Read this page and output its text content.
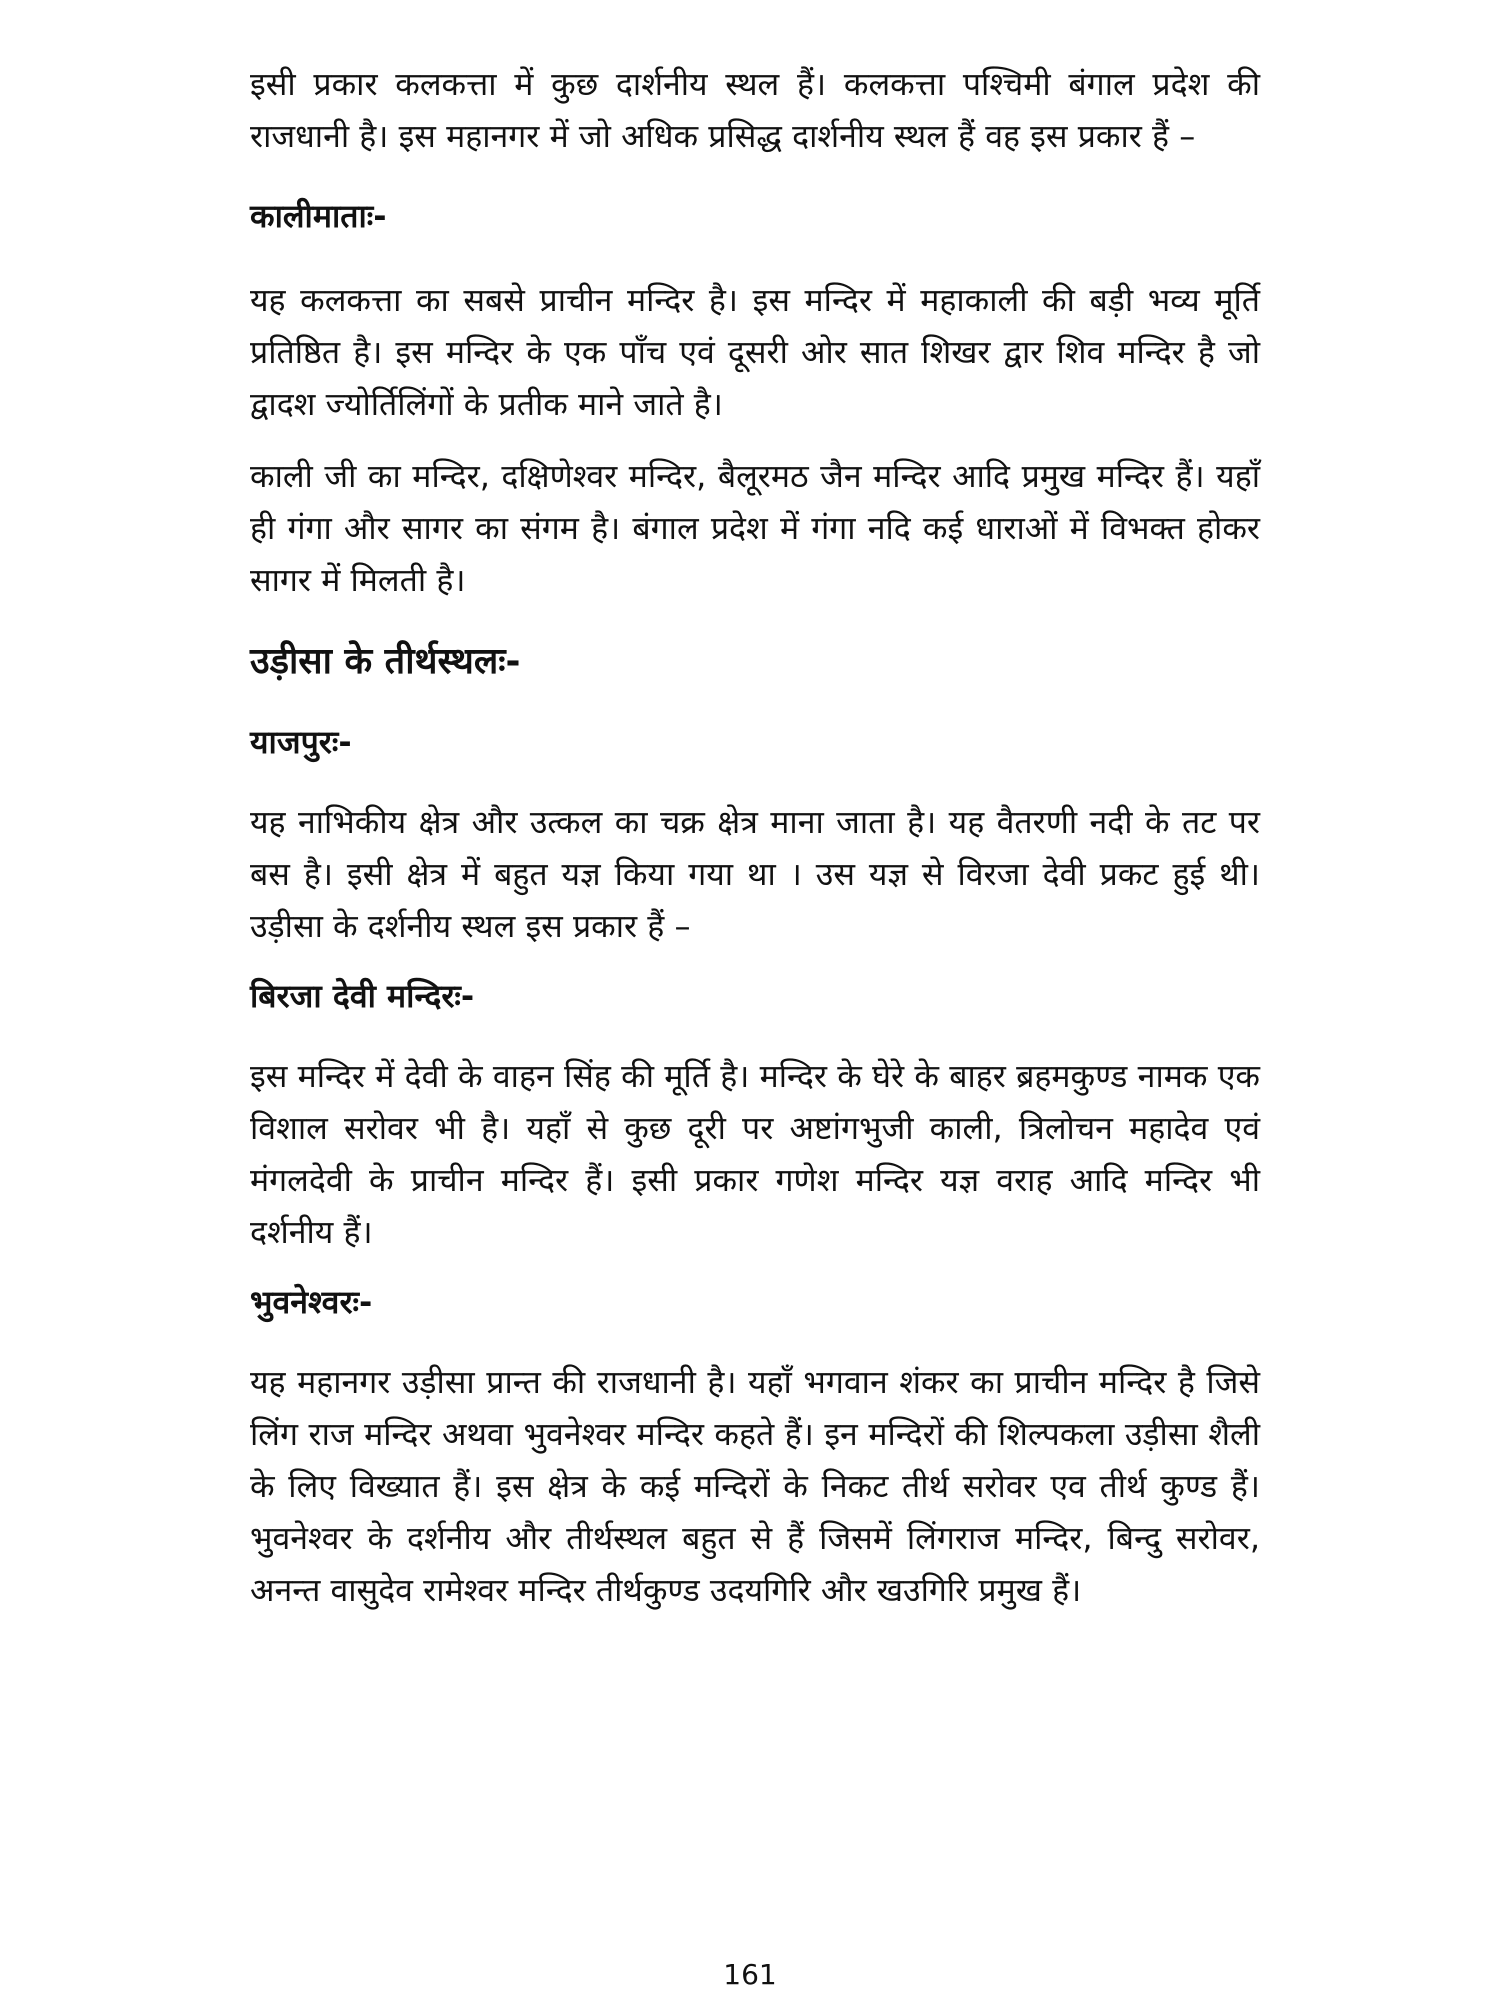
इसी प्रकार कलकत्ता में कुछ दार्शनीय स्थल हैं। कलकत्ता पश्चिमी बंगाल प्रदेश की राजधानी है। इस महानगर में जो अधिक प्रसिद्ध दार्शनीय स्थल हैं वह इस प्रकार हैं –

कालीमाताः-

यह कलकत्ता का सबसे प्राचीन मन्दिर है। इस मन्दिर में महाकाली की बड़ी भव्य मूर्ति प्रतिष्ठित है। इस मन्दिर के एक पाँच एवं दूसरी ओर सात शिखर द्वार शिव मन्दिर है जो द्वादश ज्योर्तिलिंगों के प्रतीक माने जाते है।

काली जी का मन्दिर, दक्षिणेश्वर मन्दिर, बैलूरमठ जैन मन्दिर आदि प्रमुख मन्दिर हैं। यहाँ ही गंगा और सागर का संगम है। बंगाल प्रदेश में गंगा नदि कई धाराओं में विभक्त होकर सागर में मिलती है।

उड़ीसा के तीर्थस्थलः-
याजपुरः-

यह नाभिकीय क्षेत्र और उत्कल का चक्र क्षेत्र माना जाता है। यह वैतरणी नदी के तट पर बस है। इसी क्षेत्र में बहुत यज्ञ किया गया था । उस यज्ञ से विरजा देवी प्रकट हुई थी। उड़ीसा के दर्शनीय स्थल इस प्रकार हैं –

बिरजा देवी मन्दिरः-

इस मन्दिर में देवी के वाहन सिंह की मूर्ति है। मन्दिर के घेरे के बाहर ब्रहमकुण्ड नामक एक विशाल सरोवर भी है। यहाँ से कुछ दूरी पर अष्टांगभुजी काली, त्रिलोचन महादेव एवं मंगलदेवी के प्राचीन मन्दिर हैं। इसी प्रकार गणेश मन्दिर यज्ञ वराह आदि मन्दिर भी दर्शनीय हैं।

भुवनेश्वरः-

यह महानगर उड़ीसा प्रान्त की राजधानी है। यहाँ भगवान शंकर का प्राचीन मन्दिर है जिसे लिंग राज मन्दिर अथवा भुवनेश्वर मन्दिर कहते हैं। इन मन्दिरों की शिल्पकला उड़ीसा शैली के लिए विख्यात हैं। इस क्षेत्र के कई मन्दिरों के निकट तीर्थ सरोवर एव तीर्थ कुण्ड हैं। भुवनेश्वर के दर्शनीय और तीर्थस्थल बहुत से हैं जिसमें लिंगराज मन्दिर, बिन्दु सरोवर, अनन्त वासुदेव रामेश्वर मन्दिर तीर्थकुण्ड उदयगिरि और खउगिरि प्रमुख हैं।

161
